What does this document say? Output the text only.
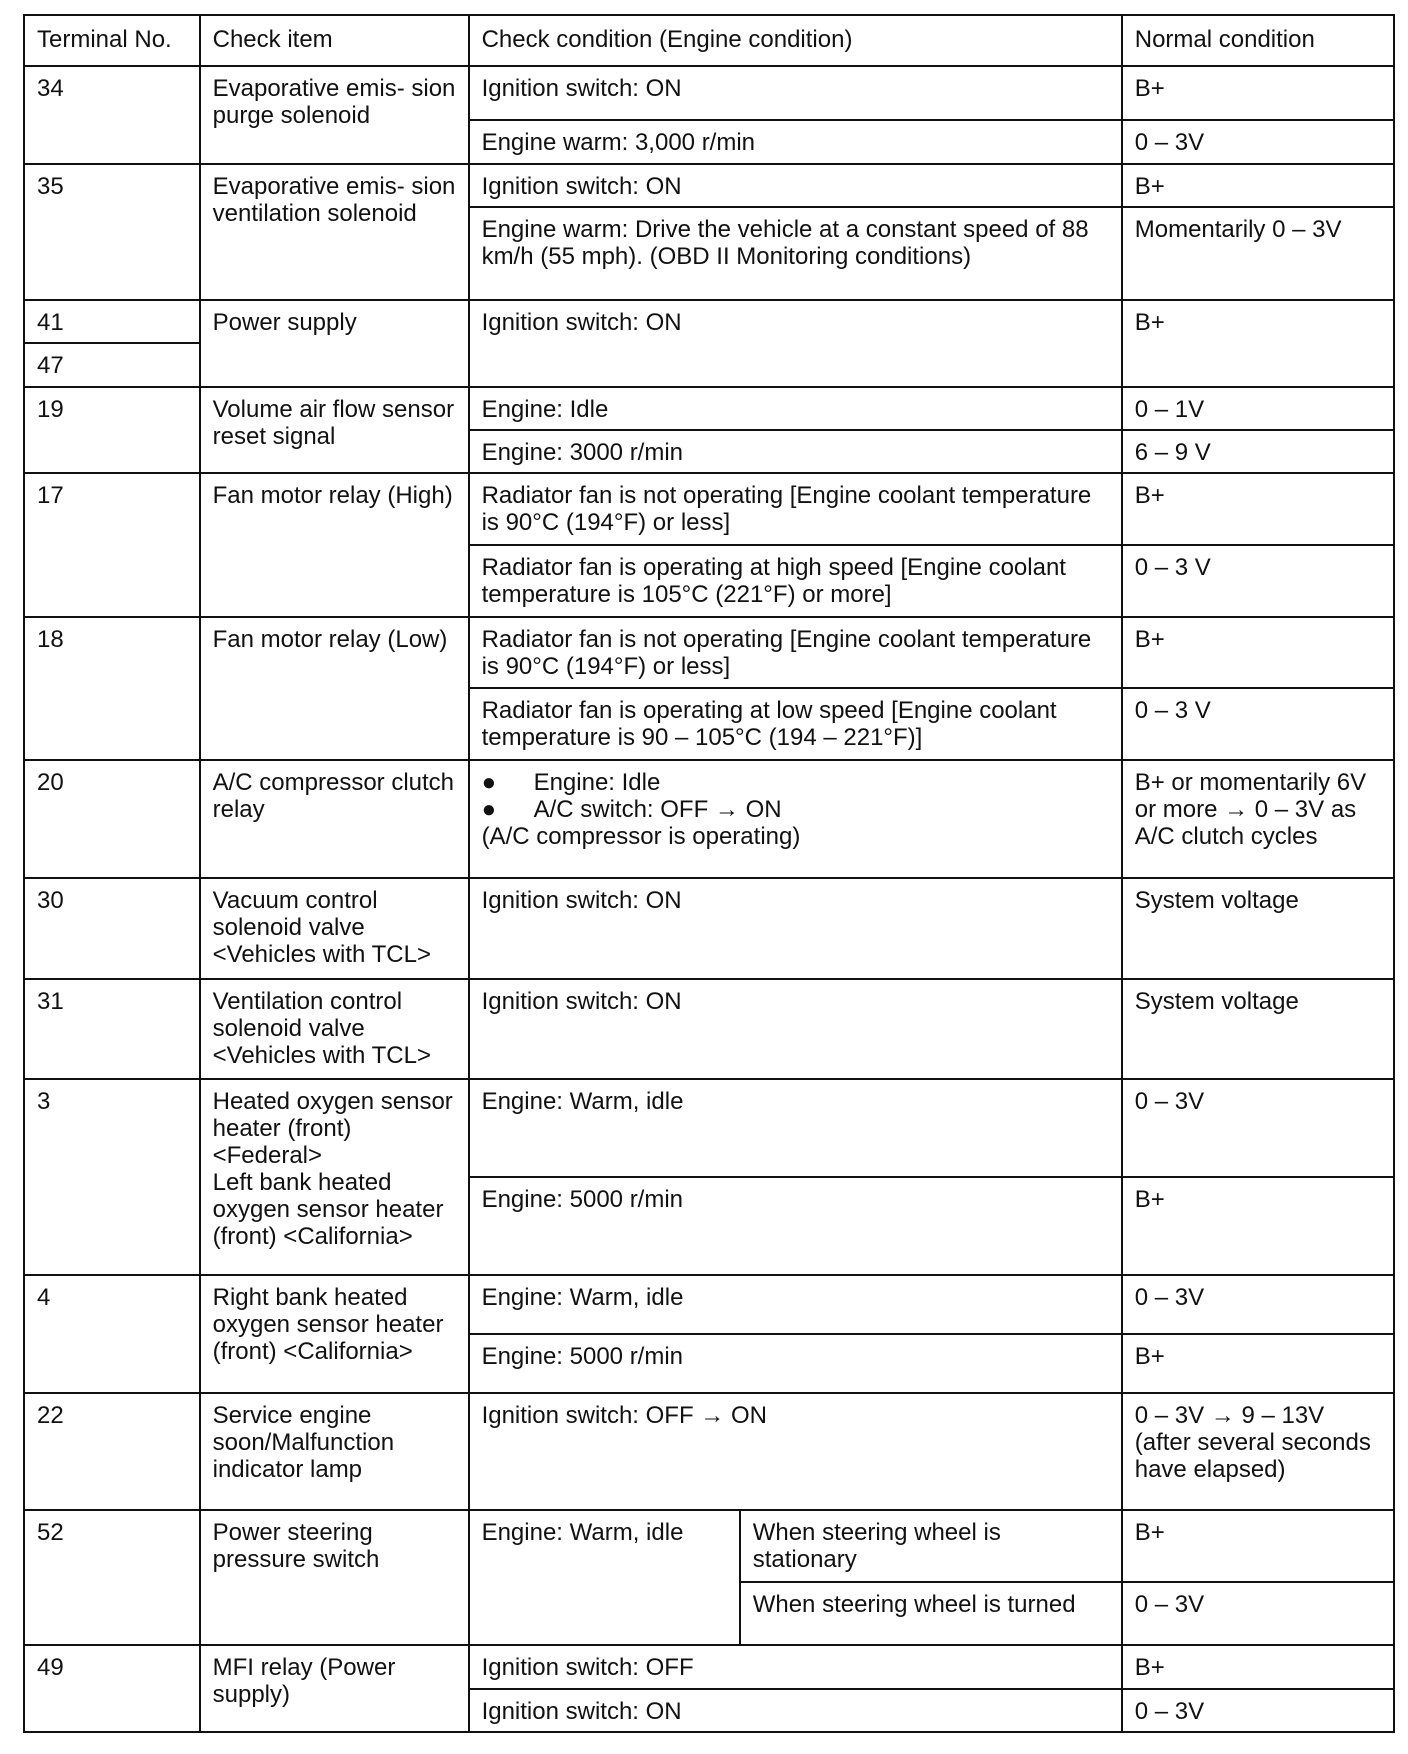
Terminal No.	Check item	Check condition (Engine condition)		Normal condition
34	Evaporative emis- sion purge solenoid	Ignition switch: ON		B+
		Engine warm: 3,000 r/min		0 – 3V
35	Evaporative emis- sion ventilation solenoid	Ignition switch: ON		B+
		Engine warm: Drive the vehicle at a constant speed of 88 km/h (55 mph). (OBD II Monitoring conditions)		Momentarily 0 – 3V
41	Power supply	Ignition switch: ON		B+
47				
19	Volume air flow sensor reset signal	Engine: Idle		0 – 1V
		Engine: 3000 r/min		6 – 9 V
17	Fan motor relay (High)	Radiator fan is not operating [Engine coolant temperature is 90°C (194°F) or less]		B+
		Radiator fan is operating at high speed [Engine coolant temperature is 105°C (221°F) or more]		0 – 3 V
18	Fan motor relay (Low)	Radiator fan is not operating [Engine coolant temperature is 90°C (194°F) or less]		B+
		Radiator fan is operating at low speed [Engine coolant temperature is 90 – 105°C (194 – 221°F)]		0 – 3 V
20	A/C compressor clutch relay	● Engine: Idle
● A/C switch: OFF → ON
(A/C compressor is operating)		B+ or momentarily 6V or more → 0 – 3V as A/C clutch cycles
30	Vacuum control solenoid valve <Vehicles with TCL>	Ignition switch: ON		System voltage
31	Ventilation control solenoid valve <Vehicles with TCL>	Ignition switch: ON		System voltage
3	Heated oxygen sensor heater (front) <Federal>
Left bank heated oxygen sensor heater (front) <California>	Engine: Warm, idle		0 – 3V
		Engine: 5000 r/min		B+
4	Right bank heated oxygen sensor heater (front) <California>	Engine: Warm, idle		0 – 3V
		Engine: 5000 r/min		B+
22	Service engine soon/Malfunction indicator lamp	Ignition switch: OFF → ON		0 – 3V → 9 – 13V (after several seconds have elapsed)
52	Power steering pressure switch	Engine: Warm, idle	When steering wheel is stationary	B+
			When steering wheel is turned	0 – 3V
49	MFI relay (Power supply)	Ignition switch: OFF		B+
		Ignition switch: ON		0 – 3V
